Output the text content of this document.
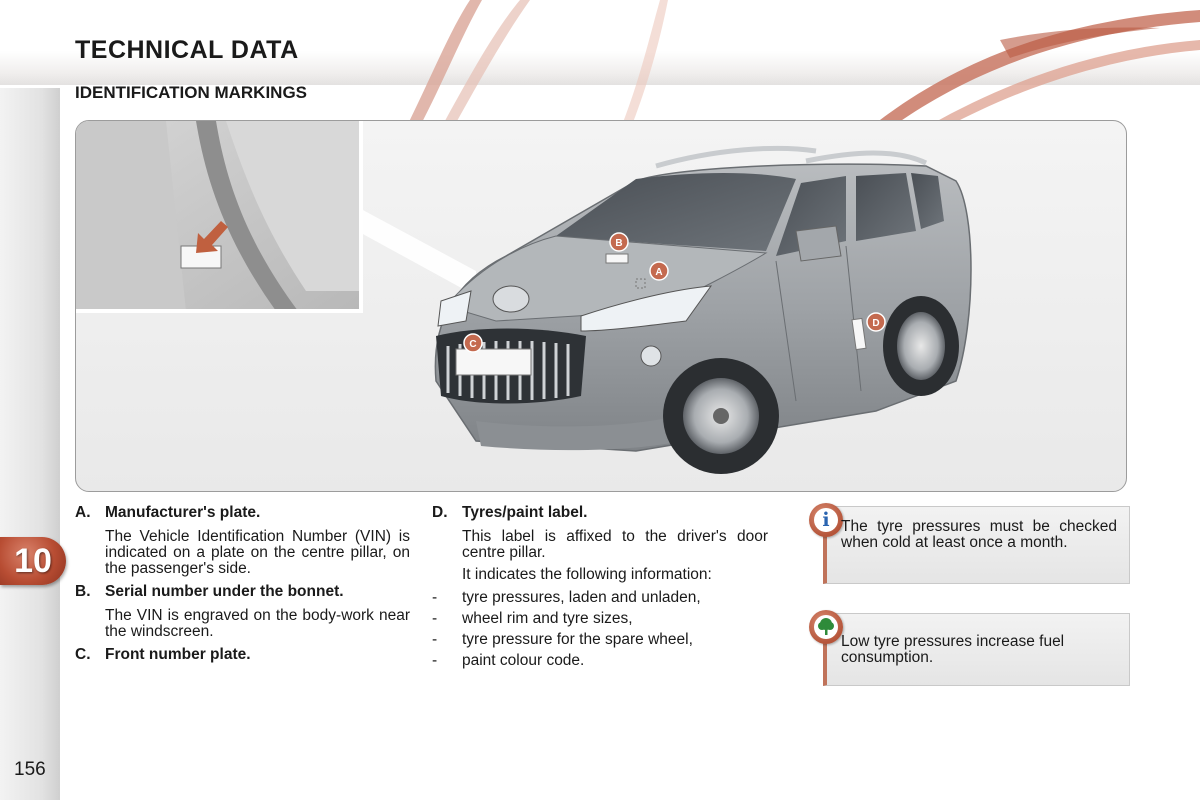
TECHNICAL DATA
IDENTIFICATION MARKINGS
B
A
C
D
A. Manufacturer's plate.
The Vehicle Identification Number (VIN) is indicated on a plate on the centre pillar, on the passenger's side.
B. Serial number under the bonnet.
The VIN is engraved on the body-work near the windscreen.
C. Front number plate.
D. Tyres/paint label.

This label is affixed to the driver's door centre pillar.

It indicates the following information:

-	tyre pressures, laden and unladen,
-	wheel rim and tyre sizes,
-	tyre pressure for the spare wheel,
-	paint colour code.
i The tyre pressures must be checked when cold at least once a month.
Low tyre pressures increase fuel consumption.
10
156
